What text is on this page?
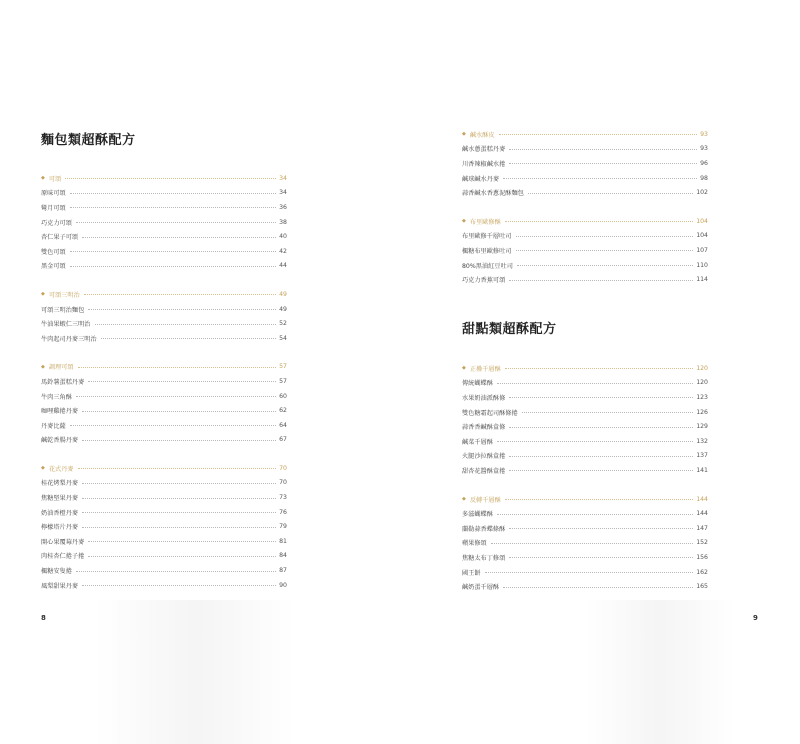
麵包類超酥配方
◆ 可頌	34
原味可頌	34
彎月可頌	36
巧克力可頌	38
杏仁果子可頌	40
雙色可頌	42
黑金可頌	44
◆ 可頌三明治	49
可頌三明治麵包	49
牛油果蝦仁三明治	52
牛肉起司丹麥三明治	54
◆ 調理可頌	57
馬鈴薯蛋糕丹麥	57
牛肉三角酥	60
咖哩雞捲丹麥	62
丹麥比薩	64
鹹乾香腸丹麥	67
◆ 花式丹麥	70
桂花烤梨丹麥	70
焦糖堅果丹麥	73
奶油香橙丹麥	76
檸檬塔片丹麥	79
開心果覆莓丹麥	81
肉桂杏仁捲子捲	84
楓糖安隻捲	87
風梨甜果丹麥	90
8
◆ 鹹水酥皮	93
鹹水蔥蛋糕丹麥	93
川香辣椒鹹水捲	96
鹹球鹹水丹麥	98
蒜香鹹水香蔥泥酥麵包	102
◆ 布里歐修酥	104
布里歐修千層吐司	104
楓糖布里歐修吐司	107
80%黑油紅豆吐司	110
巧克力香蕉可頌	114
甜點類超酥配方
◆ 正疊千層酥	120
傳統蝴蝶酥	120
水果奶油派酥條	123
雙色糖霜起司酥條捲	126
蒜香香鹹酥盒條	129
鹹菜千層酥	132
火腿沙拉酥盒捲	137
甜杏花醬酥盒捲	141
◆ 反轉千層酥	144
多滋蝴蝶酥	144
蘭勒蒜香蝶條酥	147
蘋果修頌	152
焦糖太布丁修頌	156
國王餅	162
鹹奶蛋千層酥	165
9
